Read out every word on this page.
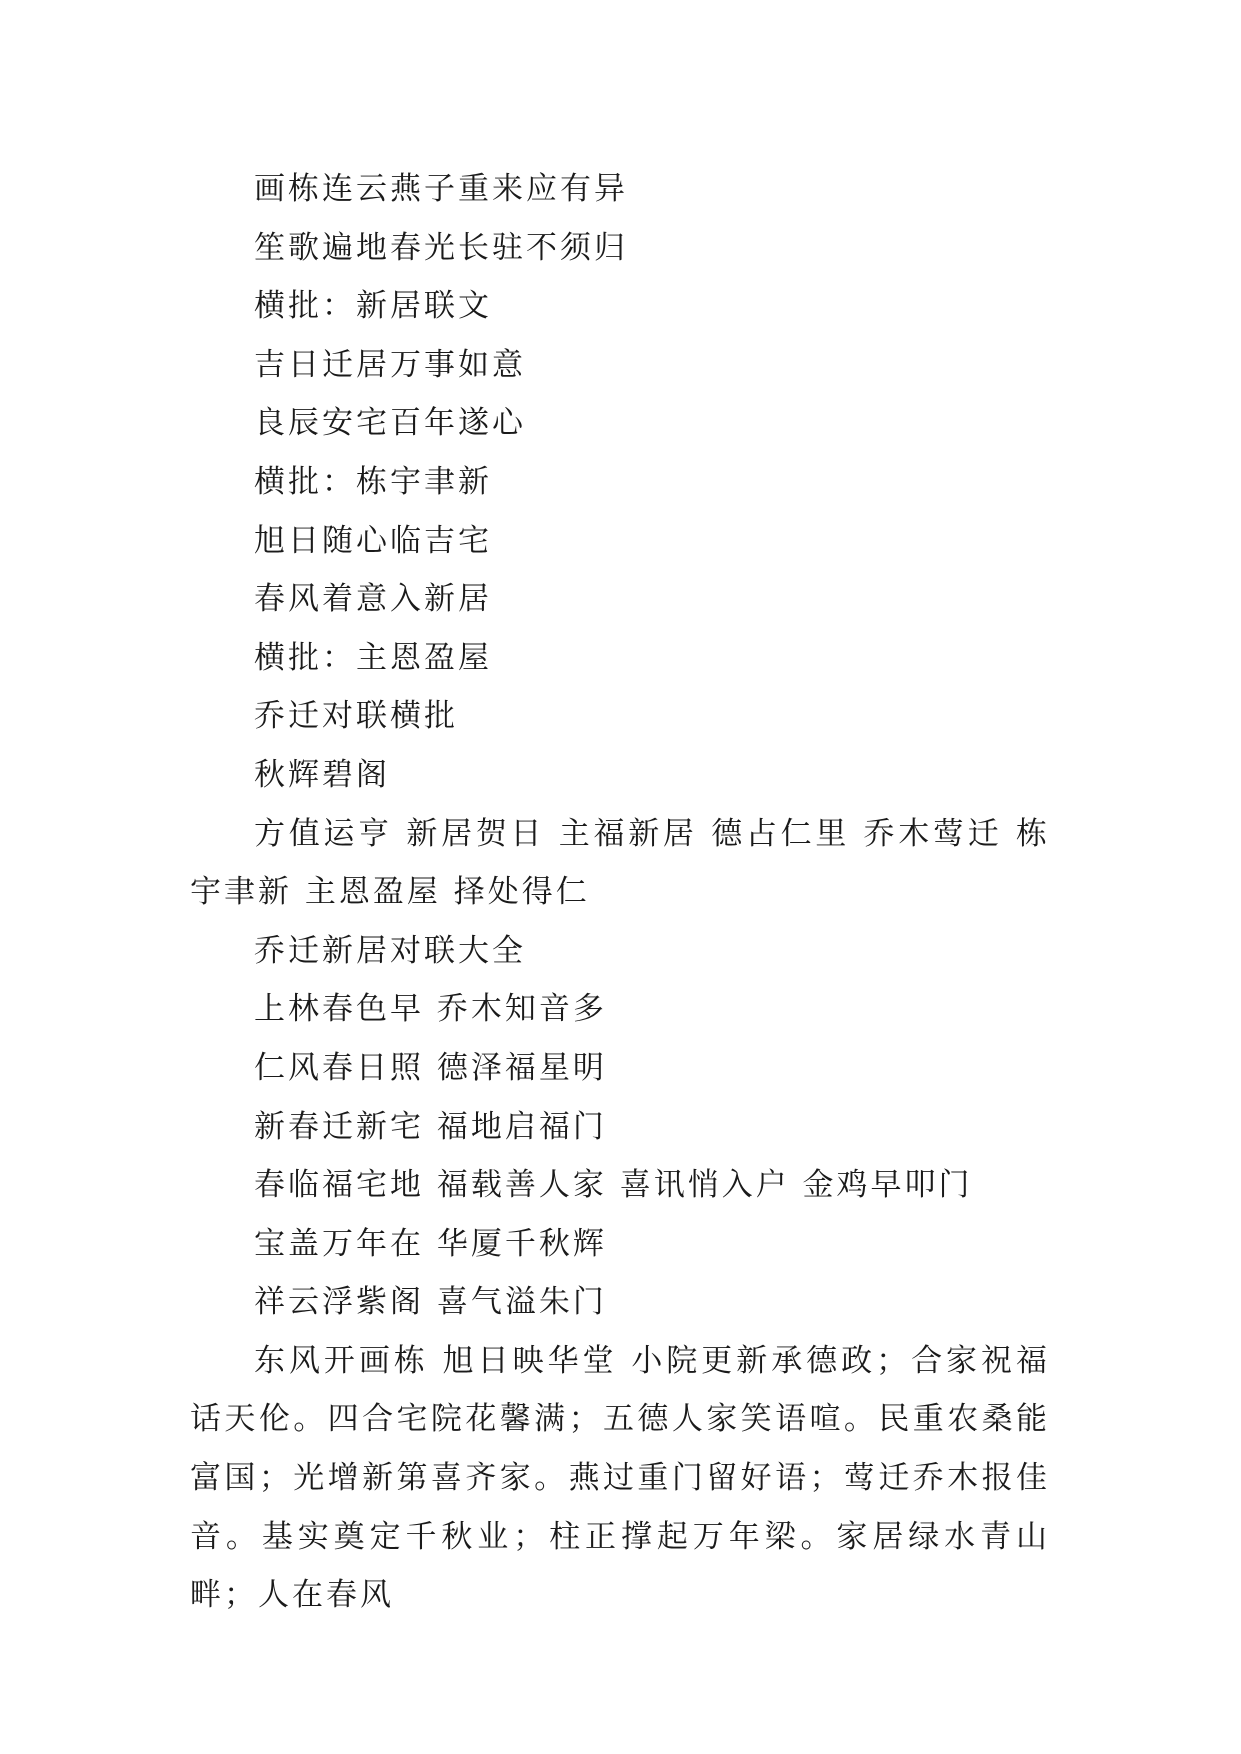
画栋连云燕子重来应有异

笙歌遍地春光长驻不须归

横批：新居联文

吉日迁居万事如意

良辰安宅百年遂心

横批：栋宇聿新

旭日随心临吉宅

春风着意入新居

横批：主恩盈屋

乔迁对联横批

秋辉碧阁

方值运亨 新居贺日 主福新居 德占仁里 乔木莺迁 栋宇聿新 主恩盈屋 择处得仁

乔迁新居对联大全

上林春色早 乔木知音多

仁风春日照 德泽福星明

新春迁新宅 福地启福门

春临福宅地 福载善人家 喜讯悄入户 金鸡早叩门

宝盖万年在 华厦千秋辉

祥云浮紫阁 喜气溢朱门

东风开画栋 旭日映华堂 小院更新承德政；合家祝福话天伦。四合宅院花馨满；五德人家笑语喧。民重农桑能富国；光增新第喜齐家。燕过重门留好语；莺迁乔木报佳音。基实奠定千秋业；柱正撑起万年梁。家居绿水青山畔；人在春风
